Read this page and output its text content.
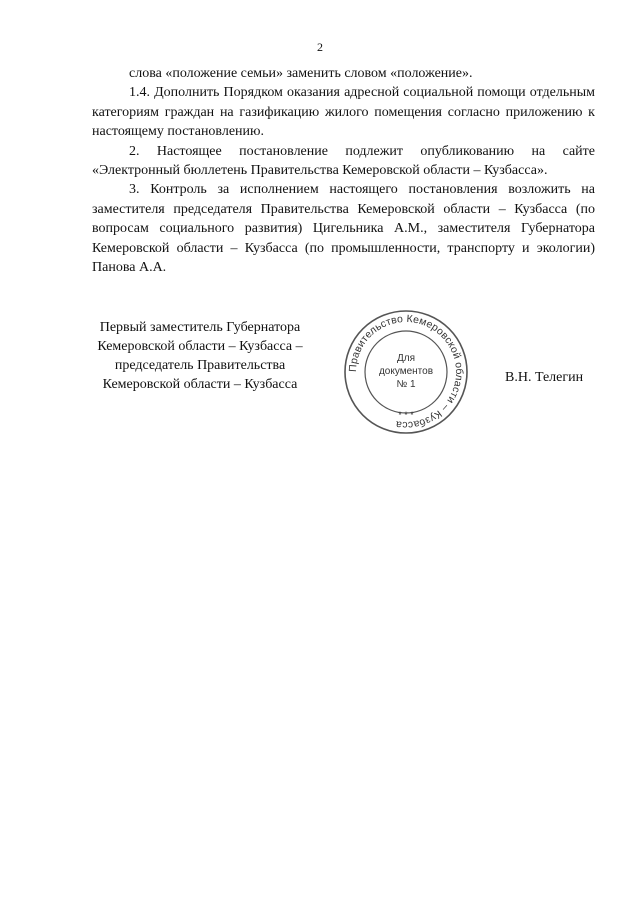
2

слова «положение семьи» заменить словом «положение».

1.4. Дополнить Порядком оказания адресной социальной помощи отдельным категориям граждан на газификацию жилого помещения согласно приложению к настоящему постановлению.

2. Настоящее постановление подлежит опубликованию на сайте «Электронный бюллетень Правительства Кемеровской области – Кузбасса».

3. Контроль за исполнением настоящего постановления возложить на заместителя председателя Правительства Кемеровской области – Кузбасса (по вопросам социального развития) Цигельника А.М., заместителя Губернатора Кемеровской области – Кузбасса (по промышленности, транспорту и экологии) Панова А.А.

Первый заместитель Губернатора
Кемеровской области – Кузбасса –
председатель Правительства
Кемеровской области – Кузбасса
Правительство Кемеровской области – Кузбасса
* * *
Для
документов
№ 1	В.Н. Телегин
